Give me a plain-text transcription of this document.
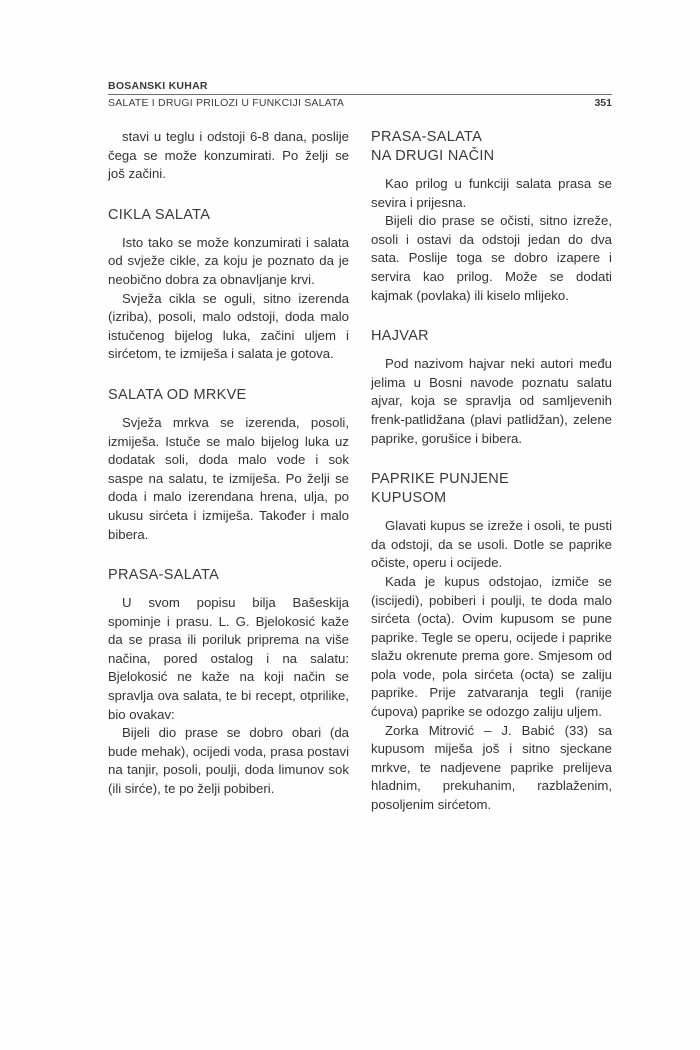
BOSANSKI KUHAR
SALATE I DRUGI PRILOZI U FUNKCIJI SALATA	351

stavi u teglu i odstoji 6-8 dana, poslije čega se može konzumirati. Po želji se još začini.

CIKLA SALATA

Isto tako se može konzumirati i salata od svježe cikle, za koju je poznato da je neobično dobra za obnavljanje krvi.

Svježa cikla se oguli, sitno izerenda (izriba), posoli, malo odstoji, doda malo istučenog bijelog luka, začini uljem i sirćetom, te izmiješa i salata je gotova.

SALATA OD MRKVE

Svježa mrkva se izerenda, posoli, izmiješa. Istuče se malo bijelog luka uz dodatak soli, doda malo vode i sok saspe na salatu, te izmiješa. Po želji se doda i malo izerendana hrena, ulja, po ukusu sirćeta i izmiješa. Također i malo bibera.

PRASA-SALATA

U svom popisu bilja Bašeskija spominje i prasu. L. G. Bjelokosić kaže da se prasa ili poriluk priprema na više načina, pored ostalog i na salatu: Bjelokosić ne kaže na koji način se spravlja ova salata, te bi recept, otprilike, bio ovakav:

Bijeli dio prase se dobro obari (da bude mehak), ocijedi voda, prasa postavi na tanjir, posoli, poulji, doda limunov sok (ili sirće), te po želji pobiberi.

PRASA-SALATA
NA DRUGI NAČIN

Kao prilog u funkciji salata prasa se sevira i prijesna.

Bijeli dio prase se očisti, sitno izreže, osoli i ostavi da odstoji jedan do dva sata. Poslije toga se dobro izapere i servira kao prilog. Može se dodati kajmak (povlaka) ili kiselo mlijeko.

HAJVAR

Pod nazivom hajvar neki autori među jelima u Bosni navode poznatu salatu ajvar, koja se spravlja od samljevenih frenk-patlidžana (plavi patlidžan), zelene paprike, gorušice i bibera.

PAPRIKE PUNJENE
KUPUSOM

Glavati kupus se izreže i osoli, te pusti da odstoji, da se usoli. Dotle se paprike očiste, operu i ocijede.

Kada je kupus odstojao, izmiče se (iscijedi), pobiberi i poulji, te doda malo sirćeta (octa). Ovim kupusom se pune paprike. Tegle se operu, ocijede i paprike slažu okrenute prema gore. Smjesom od pola vode, pola sirćeta (octa) se zaliju paprike. Prije zatvaranja tegli (ranije ćupova) paprike se odozgo zaliju uljem.

Zorka Mitrović – J. Babić (33) sa kupusom miješa još i sitno sjeckane mrkve, te nadjevene paprike prelijeva hladnim, prekuhanim, razblaženim, posoljenim sirćetom.
